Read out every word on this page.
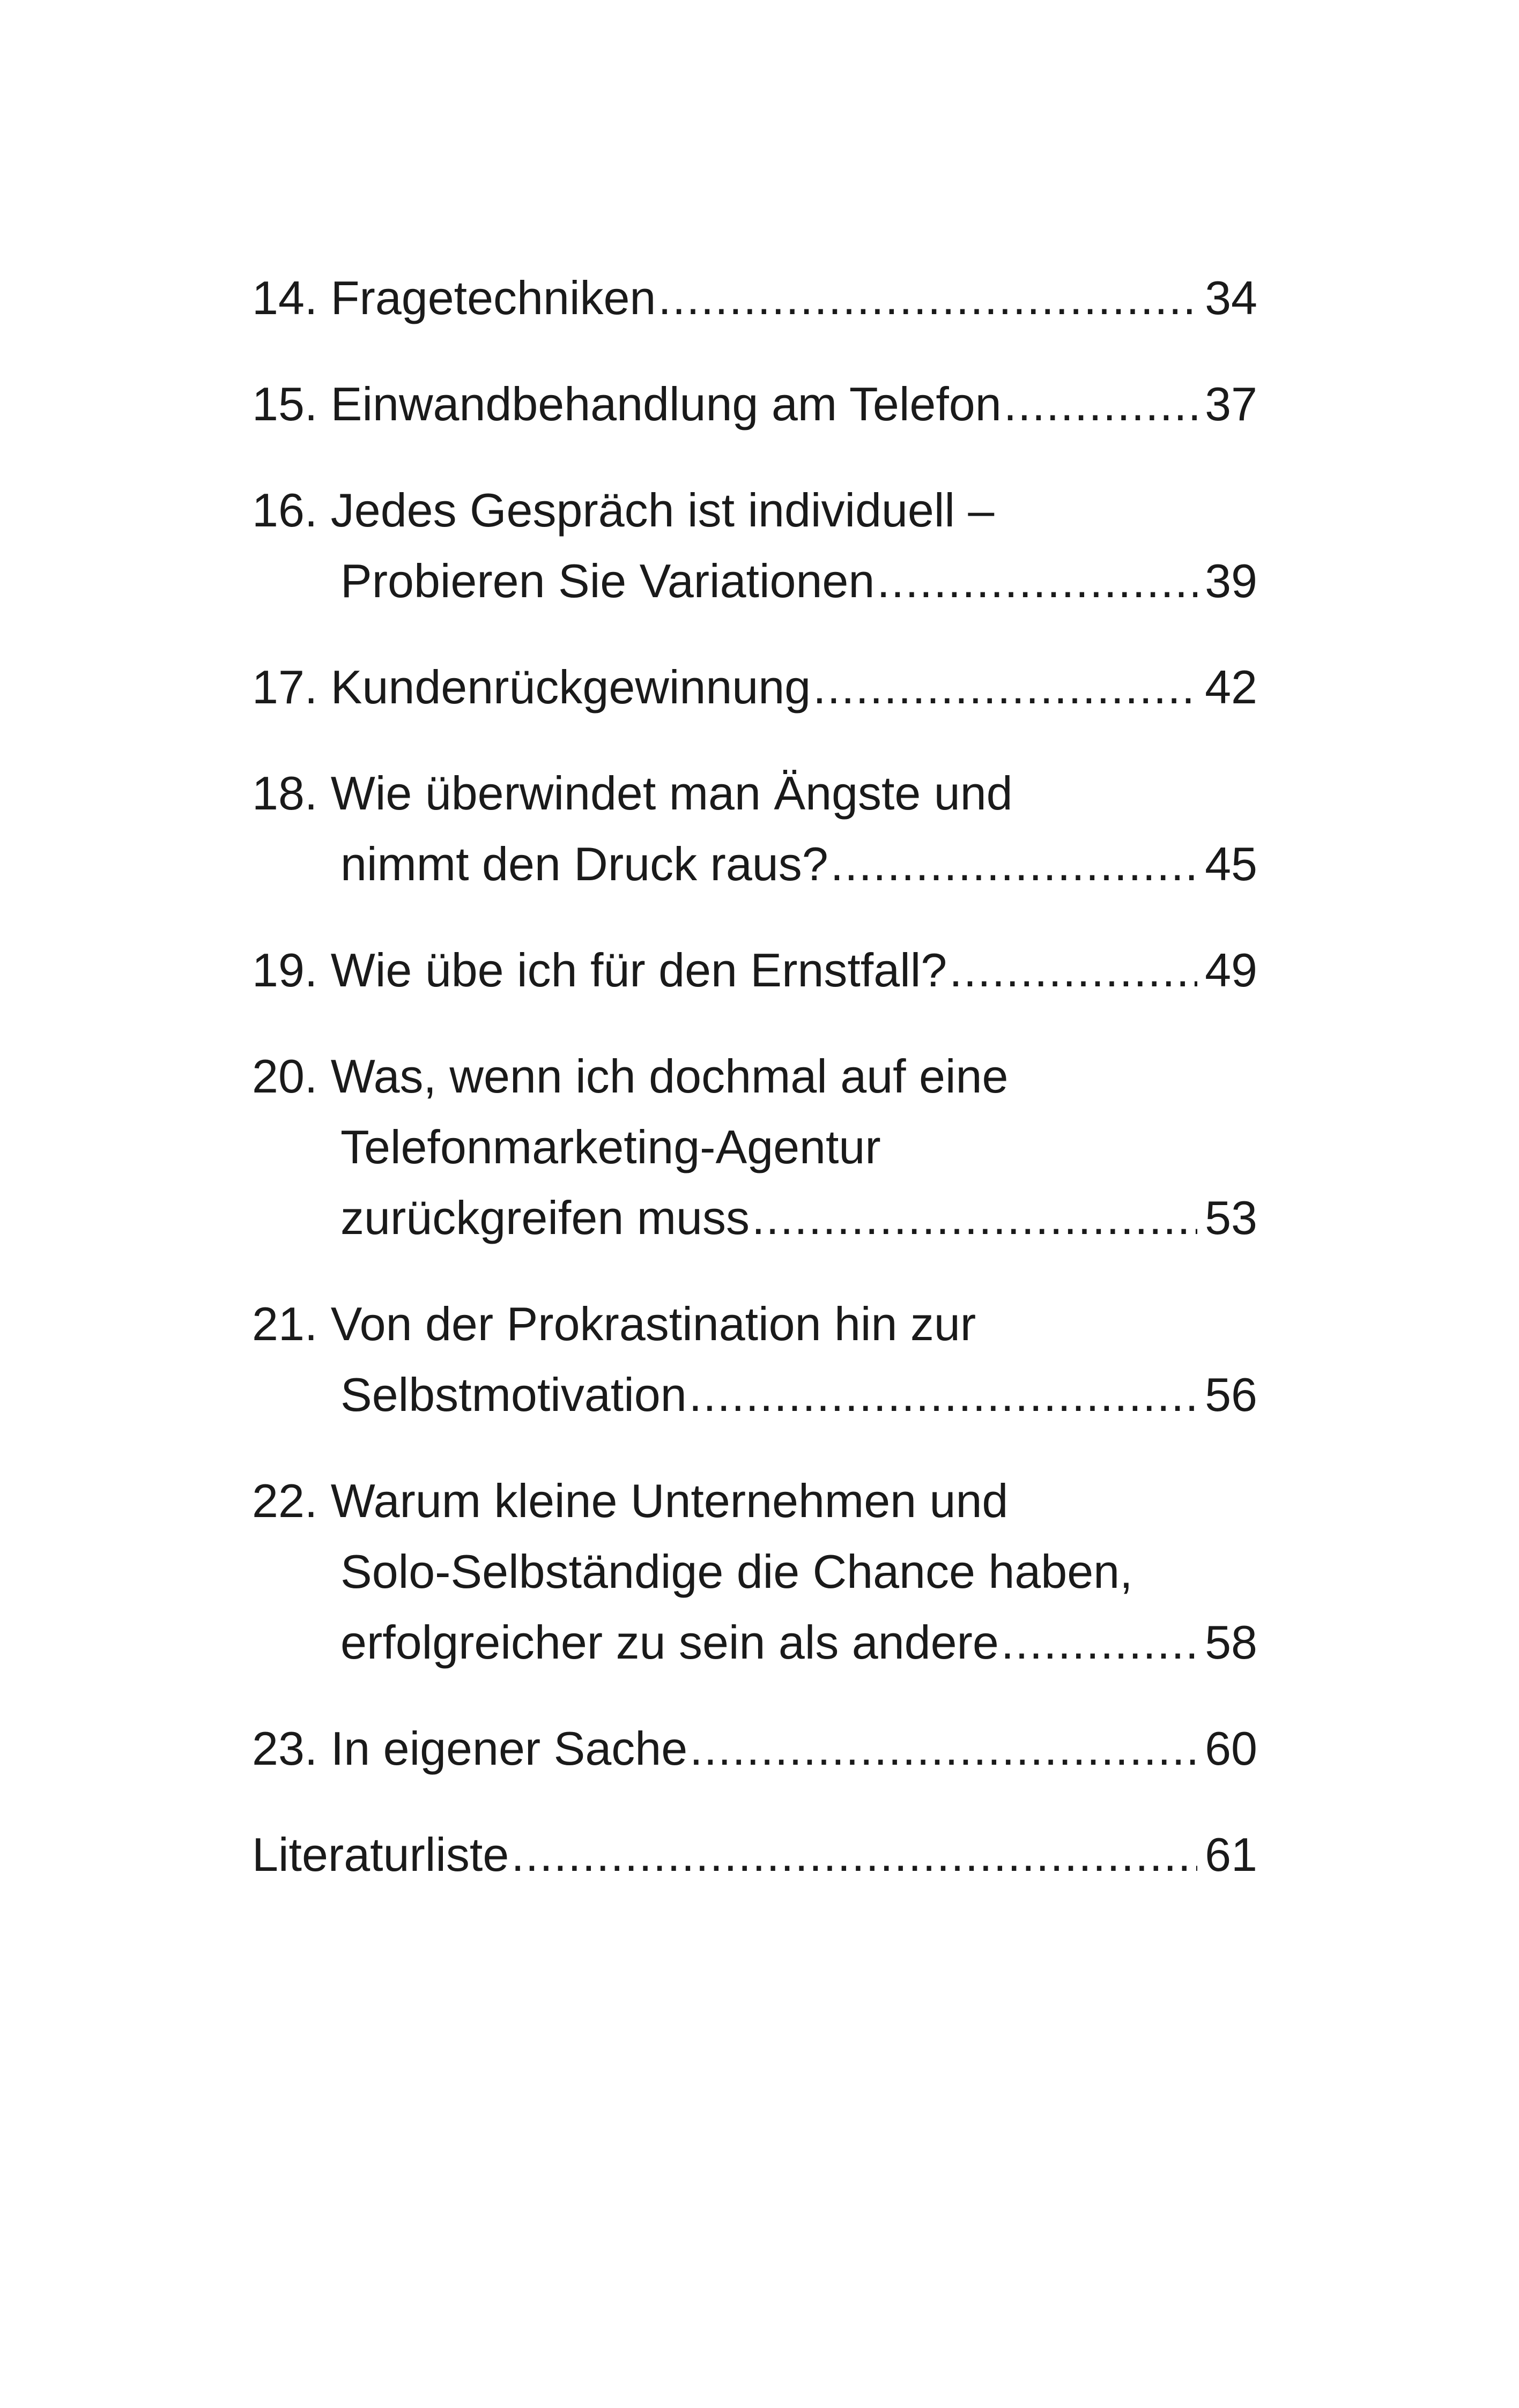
14. Fragetechniken .....	34
15. Einwandbehandlung am Telefon .....	37
16. Jedes Gespräch ist individuell –
Probieren Sie Variationen .....	39
17. Kundenrückgewinnung .....	42
18. Wie überwindet man Ängste und
nimmt den Druck raus? .....	45
19. Wie übe ich für den Ernstfall? .....	49
20. Was, wenn ich dochmal auf eine
Telefonmarketing-Agentur
zurückgreifen muss .....	53
21. Von der Prokrastination hin zur
Selbstmotivation .....	56
22. Warum kleine Unternehmen und
Solo-Selbständige die Chance haben,
erfolgreicher zu sein als andere .....	58
23. In eigener Sache .....	60
Literaturliste .....	61
